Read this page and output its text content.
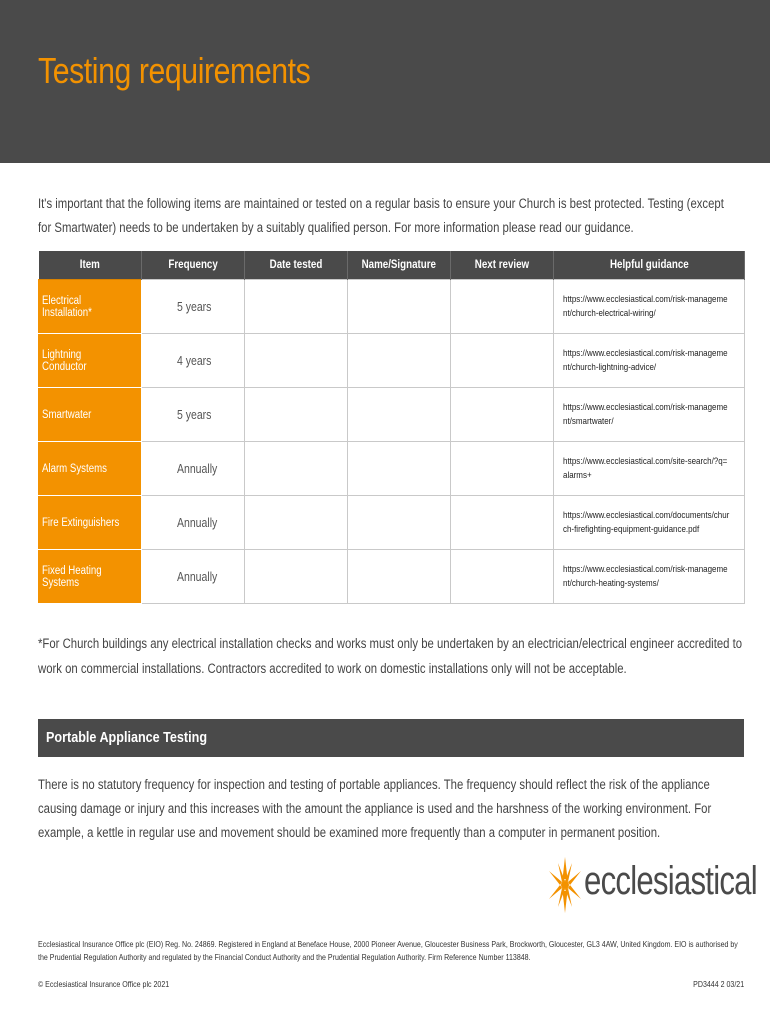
Testing requirements
It's important that the following items are maintained or tested on a regular basis to ensure your Church is best protected. Testing (except for Smartwater) needs to be undertaken by a suitably qualified person. For more information please read our guidance.
Item	Frequency	Date tested	Name/Signature	Next review	Helpful guidance
Electrical Installation*	5 years				https://www.ecclesiastical.com/risk-management/church-electrical-wiring/
Lightning Conductor	4 years				https://www.ecclesiastical.com/risk-management/church-lightning-advice/
Smartwater	5 years				https://www.ecclesiastical.com/risk-management/smartwater/
Alarm Systems	Annually				https://www.ecclesiastical.com/site-search/?q=alarms+
Fire Extinguishers	Annually				https://www.ecclesiastical.com/documents/church-firefighting-equipment-guidance.pdf
Fixed Heating Systems	Annually				https://www.ecclesiastical.com/risk-management/church-heating-systems/
*For Church buildings any electrical installation checks and works must only be undertaken by an electrician/electrical engineer accredited to work on commercial installations. Contractors accredited to work on domestic installations only will not be acceptable.
Portable Appliance Testing
There is no statutory frequency for inspection and testing of portable appliances. The frequency should reflect the risk of the appliance causing damage or injury and this increases with the amount the appliance is used and the harshness of the working environment. For example, a kettle in regular use and movement should be examined more frequently than a computer in permanent position.
ecclesiastical
Ecclesiastical Insurance Office plc (EIO) Reg. No. 24869. Registered in England at Beneface House, 2000 Pioneer Avenue, Gloucester Business Park, Brockworth, Gloucester, GL3 4AW, United Kingdom. EIO is authorised by the Prudential Regulation Authority and regulated by the Financial Conduct Authority and the Prudential Regulation Authority. Firm Reference Number 113848.
© Ecclesiastical Insurance Office plc 2021	PD3444 2 03/21
